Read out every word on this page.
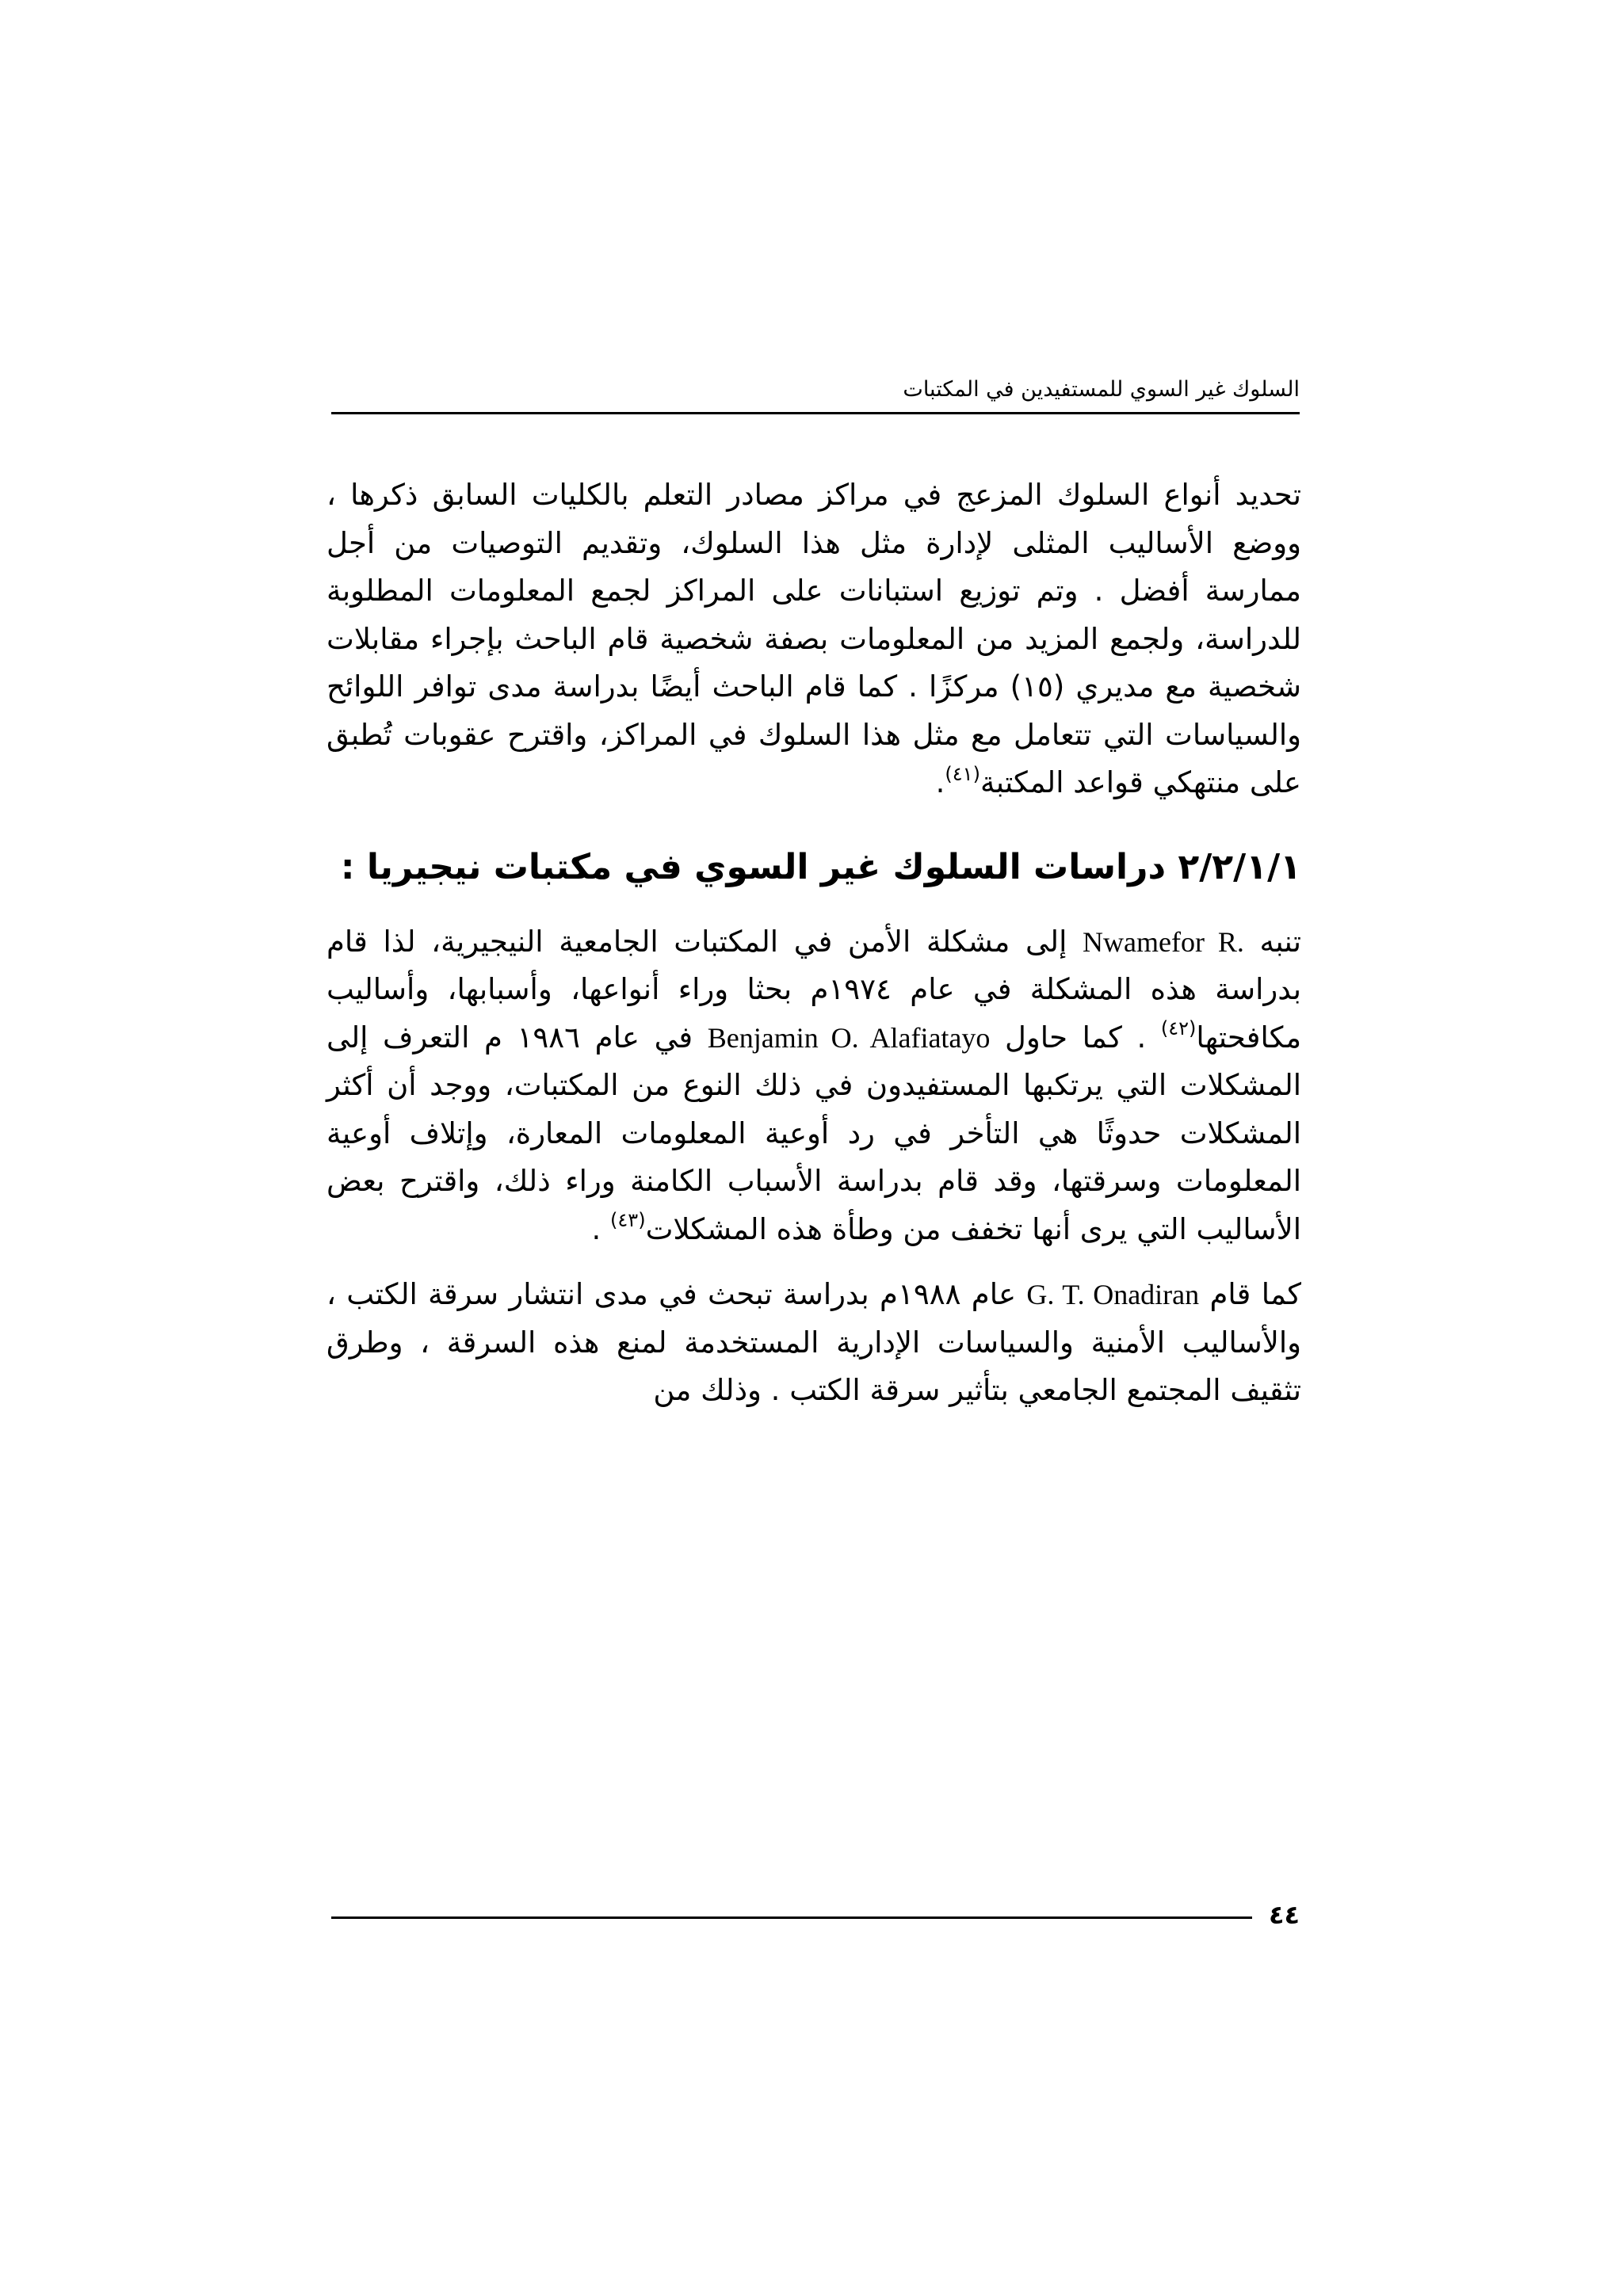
السلوك غير السوي للمستفيدين في المكتبات

تحديد أنواع السلوك المزعج في مراكز مصادر التعلم بالكليات السابق ذكرها ، ووضع الأساليب المثلى لإدارة مثل هذا السلوك، وتقديم التوصيات من أجل ممارسة أفضل . وتم توزيع استبانات على المراكز لجمع المعلومات المطلوبة للدراسة، ولجمع المزيد من المعلومات بصفة شخصية قام الباحث بإجراء مقابلات شخصية مع مديري (١٥) مركزًا . كما قام الباحث أيضًا بدراسة مدى توافر اللوائح والسياسات التي تتعامل مع مثل هذا السلوك في المراكز، واقترح عقوبات تُطبق على منتهكي قواعد المكتبة$^{(٤١)}$.

٢/٢/١/١ دراسات السلوك غير السوي في مكتبات نيجيريا :

تنبه Nwamefor R. إلى مشكلة الأمن في المكتبات الجامعية النيجيرية، لذا قام بدراسة هذه المشكلة في عام ١٩٧٤م بحثا وراء أنواعها، وأسبابها، وأساليب مكافحتها$^{(٤٢)}$ . كما حاول Benjamin O. Alafiatayo في عام ١٩٨٦ م التعرف إلى المشكلات التي يرتكبها المستفيدون في ذلك النوع من المكتبات، ووجد أن أكثر المشكلات حدوثًا هي التأخر في رد أوعية المعلومات المعارة، وإتلاف أوعية المعلومات وسرقتها، وقد قام بدراسة الأسباب الكامنة وراء ذلك، واقترح بعض الأساليب التي يرى أنها تخفف من وطأة هذه المشكلات$^{(٤٣)}$ .

كما قام G. T. Onadiran عام ١٩٨٨م بدراسة تبحث في مدى انتشار سرقة الكتب ، والأساليب الأمنية والسياسات الإدارية المستخدمة لمنع هذه السرقة ، وطرق تثقيف المجتمع الجامعي بتأثير سرقة الكتب . وذلك من

٤٤
